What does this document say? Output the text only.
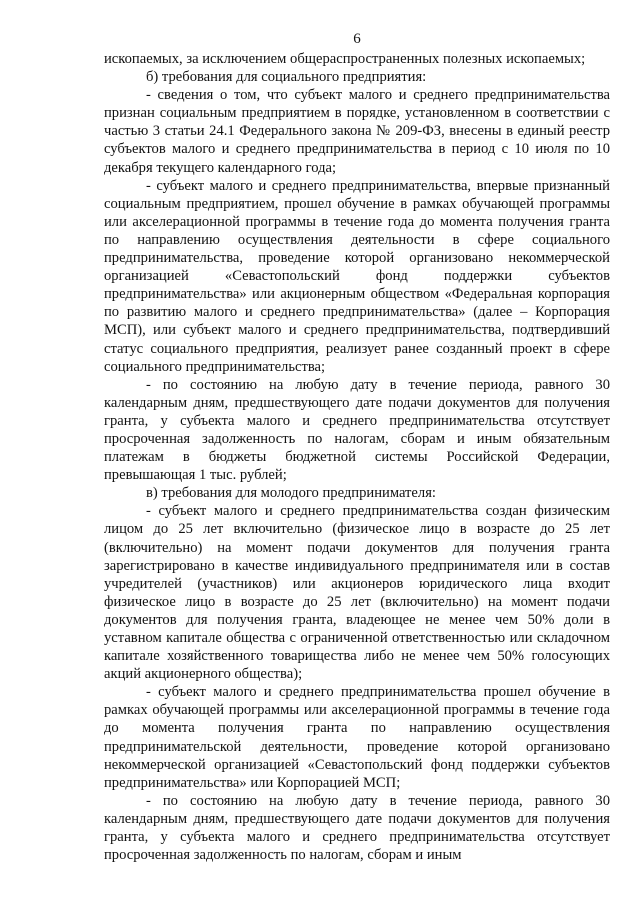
6

ископаемых, за исключением общераспространенных полезных ископаемых;

б) требования для социального предприятия:

- сведения о том, что субъект малого и среднего предпринимательства признан социальным предприятием в порядке, установленном в соответствии с частью 3 статьи 24.1 Федерального закона № 209-ФЗ, внесены в единый реестр субъектов малого и среднего предпринимательства в период с 10 июля по 10 декабря текущего календарного года;

- субъект малого и среднего предпринимательства, впервые признанный социальным предприятием, прошел обучение в рамках обучающей программы или акселерационной программы в течение года до момента получения гранта по направлению осуществления деятельности в сфере социального предпринимательства, проведение которой организовано некоммерческой организацией «Севастопольский фонд поддержки субъектов предпринимательства» или акционерным обществом «Федеральная корпорация по развитию малого и среднего предпринимательства» (далее – Корпорация МСП), или субъект малого и среднего предпринимательства, подтвердивший статус социального предприятия, реализует ранее созданный проект в сфере социального предпринимательства;

- по состоянию на любую дату в течение периода, равного 30 календарным дням, предшествующего дате подачи документов для получения гранта, у субъекта малого и среднего предпринимательства отсутствует просроченная задолженность по налогам, сборам и иным обязательным платежам в бюджеты бюджетной системы Российской Федерации, превышающая 1 тыс. рублей;

в) требования для молодого предпринимателя:

- субъект малого и среднего предпринимательства создан физическим лицом до 25 лет включительно (физическое лицо в возрасте до 25 лет (включительно) на момент подачи документов для получения гранта зарегистрировано в качестве индивидуального предпринимателя или в состав учредителей (участников) или акционеров юридического лица входит физическое лицо в возрасте до 25 лет (включительно) на момент подачи документов для получения гранта, владеющее не менее чем 50% доли в уставном капитале общества с ограниченной ответственностью или складочном капитале хозяйственного товарищества либо не менее чем 50% голосующих акций акционерного общества);

- субъект малого и среднего предпринимательства прошел обучение в рамках обучающей программы или акселерационной программы в течение года до момента получения гранта по направлению осуществления предпринимательской деятельности, проведение которой организовано некоммерческой организацией «Севастопольский фонд поддержки субъектов предпринимательства» или Корпорацией МСП;

- по состоянию на любую дату в течение периода, равного 30 календарным дням, предшествующего дате подачи документов для получения гранта, у субъекта малого и среднего предпринимательства отсутствует просроченная задолженность по налогам, сборам и иным
